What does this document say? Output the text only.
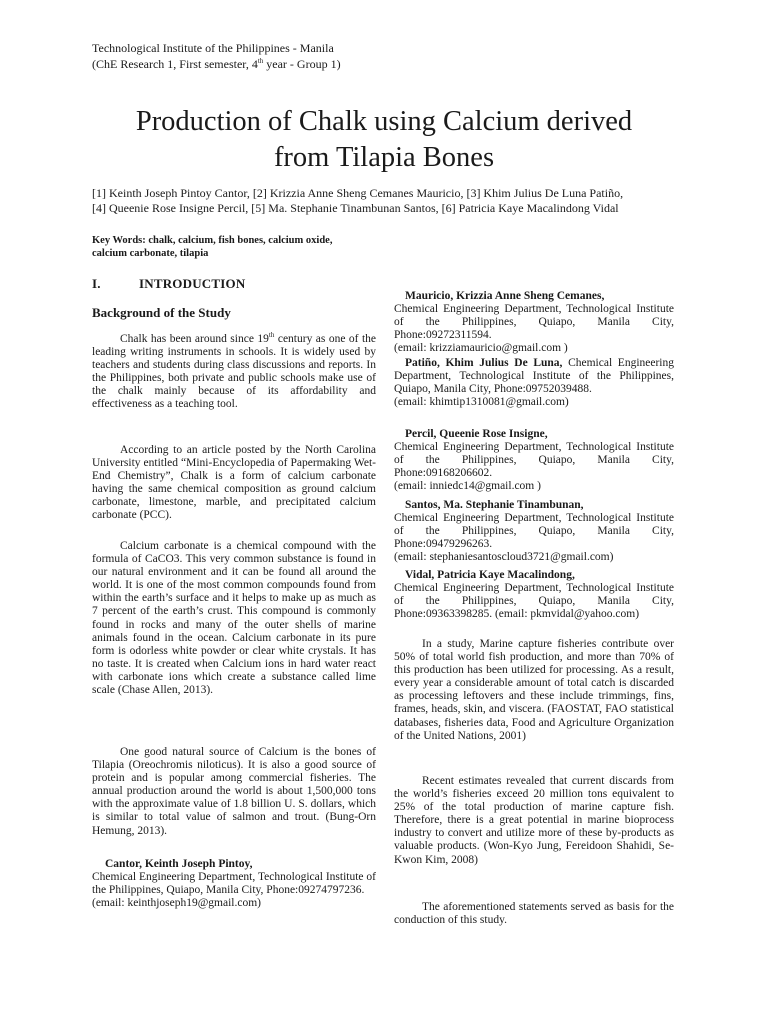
Technological Institute of the Philippines - Manila
(ChE Research 1, First semester, 4th year - Group 1)
Production of Chalk using Calcium derived
from Tilapia Bones
[1] Keinth Joseph Pintoy Cantor, [2] Krizzia Anne Sheng Cemanes Mauricio, [3] Khim Julius De Luna Patiño,
[4] Queenie Rose Insigne Percil, [5] Ma. Stephanie Tinambunan Santos, [6] Patricia Kaye Macalindong Vidal
Key Words: chalk, calcium, fish bones, calcium oxide,
calcium carbonate, tilapia
I.	INTRODUCTION
Background of the Study

Chalk has been around since 19th century as one of the leading writing instruments in schools. It is widely used by teachers and students during class discussions and reports. In the Philippines, both private and public schools make use of the chalk mainly because of its affordability and effectiveness as a teaching tool.

According to an article posted by the North Carolina University entitled “Mini-Encyclopedia of Papermaking Wet-End Chemistry”, Chalk is a form of calcium carbonate having the same chemical composition as ground calcium carbonate, limestone, marble, and precipitated calcium carbonate (PCC).

Calcium carbonate is a chemical compound with the formula of CaCO3. This very common substance is found in our natural environment and it can be found all around the world. It is one of the most common compounds found from within the earth’s surface and it helps to make up as much as 7 percent of the earth’s crust. This compound is commonly found in rocks and many of the outer shells of marine animals found in the ocean. Calcium carbonate in its pure form is odorless white powder or clear white crystals. It has no taste. It is created when Calcium ions in hard water react with carbonate ions which create a substance called lime scale (Chase Allen, 2013).

One good natural source of Calcium is the bones of Tilapia (Oreochromis niloticus). It is also a good source of protein and is popular among commercial fisheries. The annual production around the world is about 1,500,000 tons with the approximate value of 1.8 billion U. S. dollars, which is similar to total value of salmon and trout. (Bung-Orn Hemung, 2013).

Cantor, Keinth Joseph Pintoy,
Chemical Engineering Department, Technological Institute of the Philippines, Quiapo, Manila City, Phone:09274797236.
(email: keinthjoseph19@gmail.com)
Mauricio, Krizzia Anne Sheng Cemanes,
Chemical Engineering Department, Technological Institute of the Philippines, Quiapo, Manila City, Phone:09272311594.
(email: krizziamauricio@gmail.com )
Patiño, Khim Julius De Luna, Chemical Engineering Department, Technological Institute of the Philippines, Quiapo, Manila City, Phone:09752039488.
(email: khimtip1310081@gmail.com)
Percil, Queenie Rose Insigne,
Chemical Engineering Department, Technological Institute of the Philippines, Quiapo, Manila City, Phone:09168206602.
(email: inniedc14@gmail.com )
Santos, Ma. Stephanie Tinambunan,
Chemical Engineering Department, Technological Institute of the Philippines, Quiapo, Manila City, Phone:09479296263.
(email: stephaniesantoscloud3721@gmail.com)
Vidal, Patricia Kaye Macalindong,
Chemical Engineering Department, Technological Institute of the Philippines, Quiapo, Manila City, Phone:09363398285. (email: pkmvidal@yahoo.com)

In a study, Marine capture fisheries contribute over 50% of total world fish production, and more than 70% of this production has been utilized for processing. As a result, every year a considerable amount of total catch is discarded as processing leftovers and these include trimmings, fins, frames, heads, skin, and viscera. (FAOSTAT, FAO statistical databases, fisheries data, Food and Agriculture Organization of the United Nations, 2001)

Recent estimates revealed that current discards from the world’s fisheries exceed 20 million tons equivalent to 25% of the total production of marine capture fish. Therefore, there is a great potential in marine bioprocess industry to convert and utilize more of these by-products as valuable products. (Won-Kyo Jung, Fereidoon Shahidi, Se-Kwon Kim, 2008)

The aforementioned statements served as basis for the conduction of this study.
